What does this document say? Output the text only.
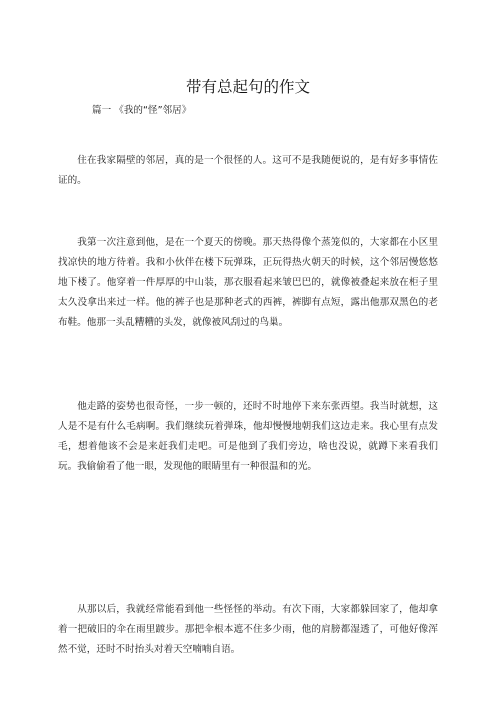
带有总起句的作文
篇一 《我的“怪”邻居》

住在我家隔壁的邻居，真的是一个很怪的人。这可不是我随便说的，是有好多事情佐证的。

我第一次注意到他，是在一个夏天的傍晚。那天热得像个蒸笼似的，大家都在小区里找凉快的地方待着。我和小伙伴在楼下玩弹珠，正玩得热火朝天的时候，这个邻居慢悠悠地下楼了。他穿着一件厚厚的中山装，那衣服看起来皱巴巴的，就像被叠起来放在柜子里太久没拿出来过一样。他的裤子也是那种老式的西裤，裤脚有点短，露出他那双黑色的老布鞋。他那一头乱糟糟的头发，就像被风刮过的鸟巢。

他走路的姿势也很奇怪，一步一顿的，还时不时地停下来东张西望。我当时就想，这人是不是有什么毛病啊。我们继续玩着弹珠，他却慢慢地朝我们这边走来。我心里有点发毛，想着他该不会是来赶我们走吧。可是他到了我们旁边，啥也没说，就蹲下来看我们玩。我偷偷看了他一眼，发现他的眼睛里有一种很温和的光。

从那以后，我就经常能看到他一些怪怪的举动。有次下雨，大家都躲回家了，他却拿着一把破旧的伞在雨里踱步。那把伞根本遮不住多少雨，他的肩膀都湿透了，可他好像浑然不觉，还时不时抬头对着天空喃喃自语。
